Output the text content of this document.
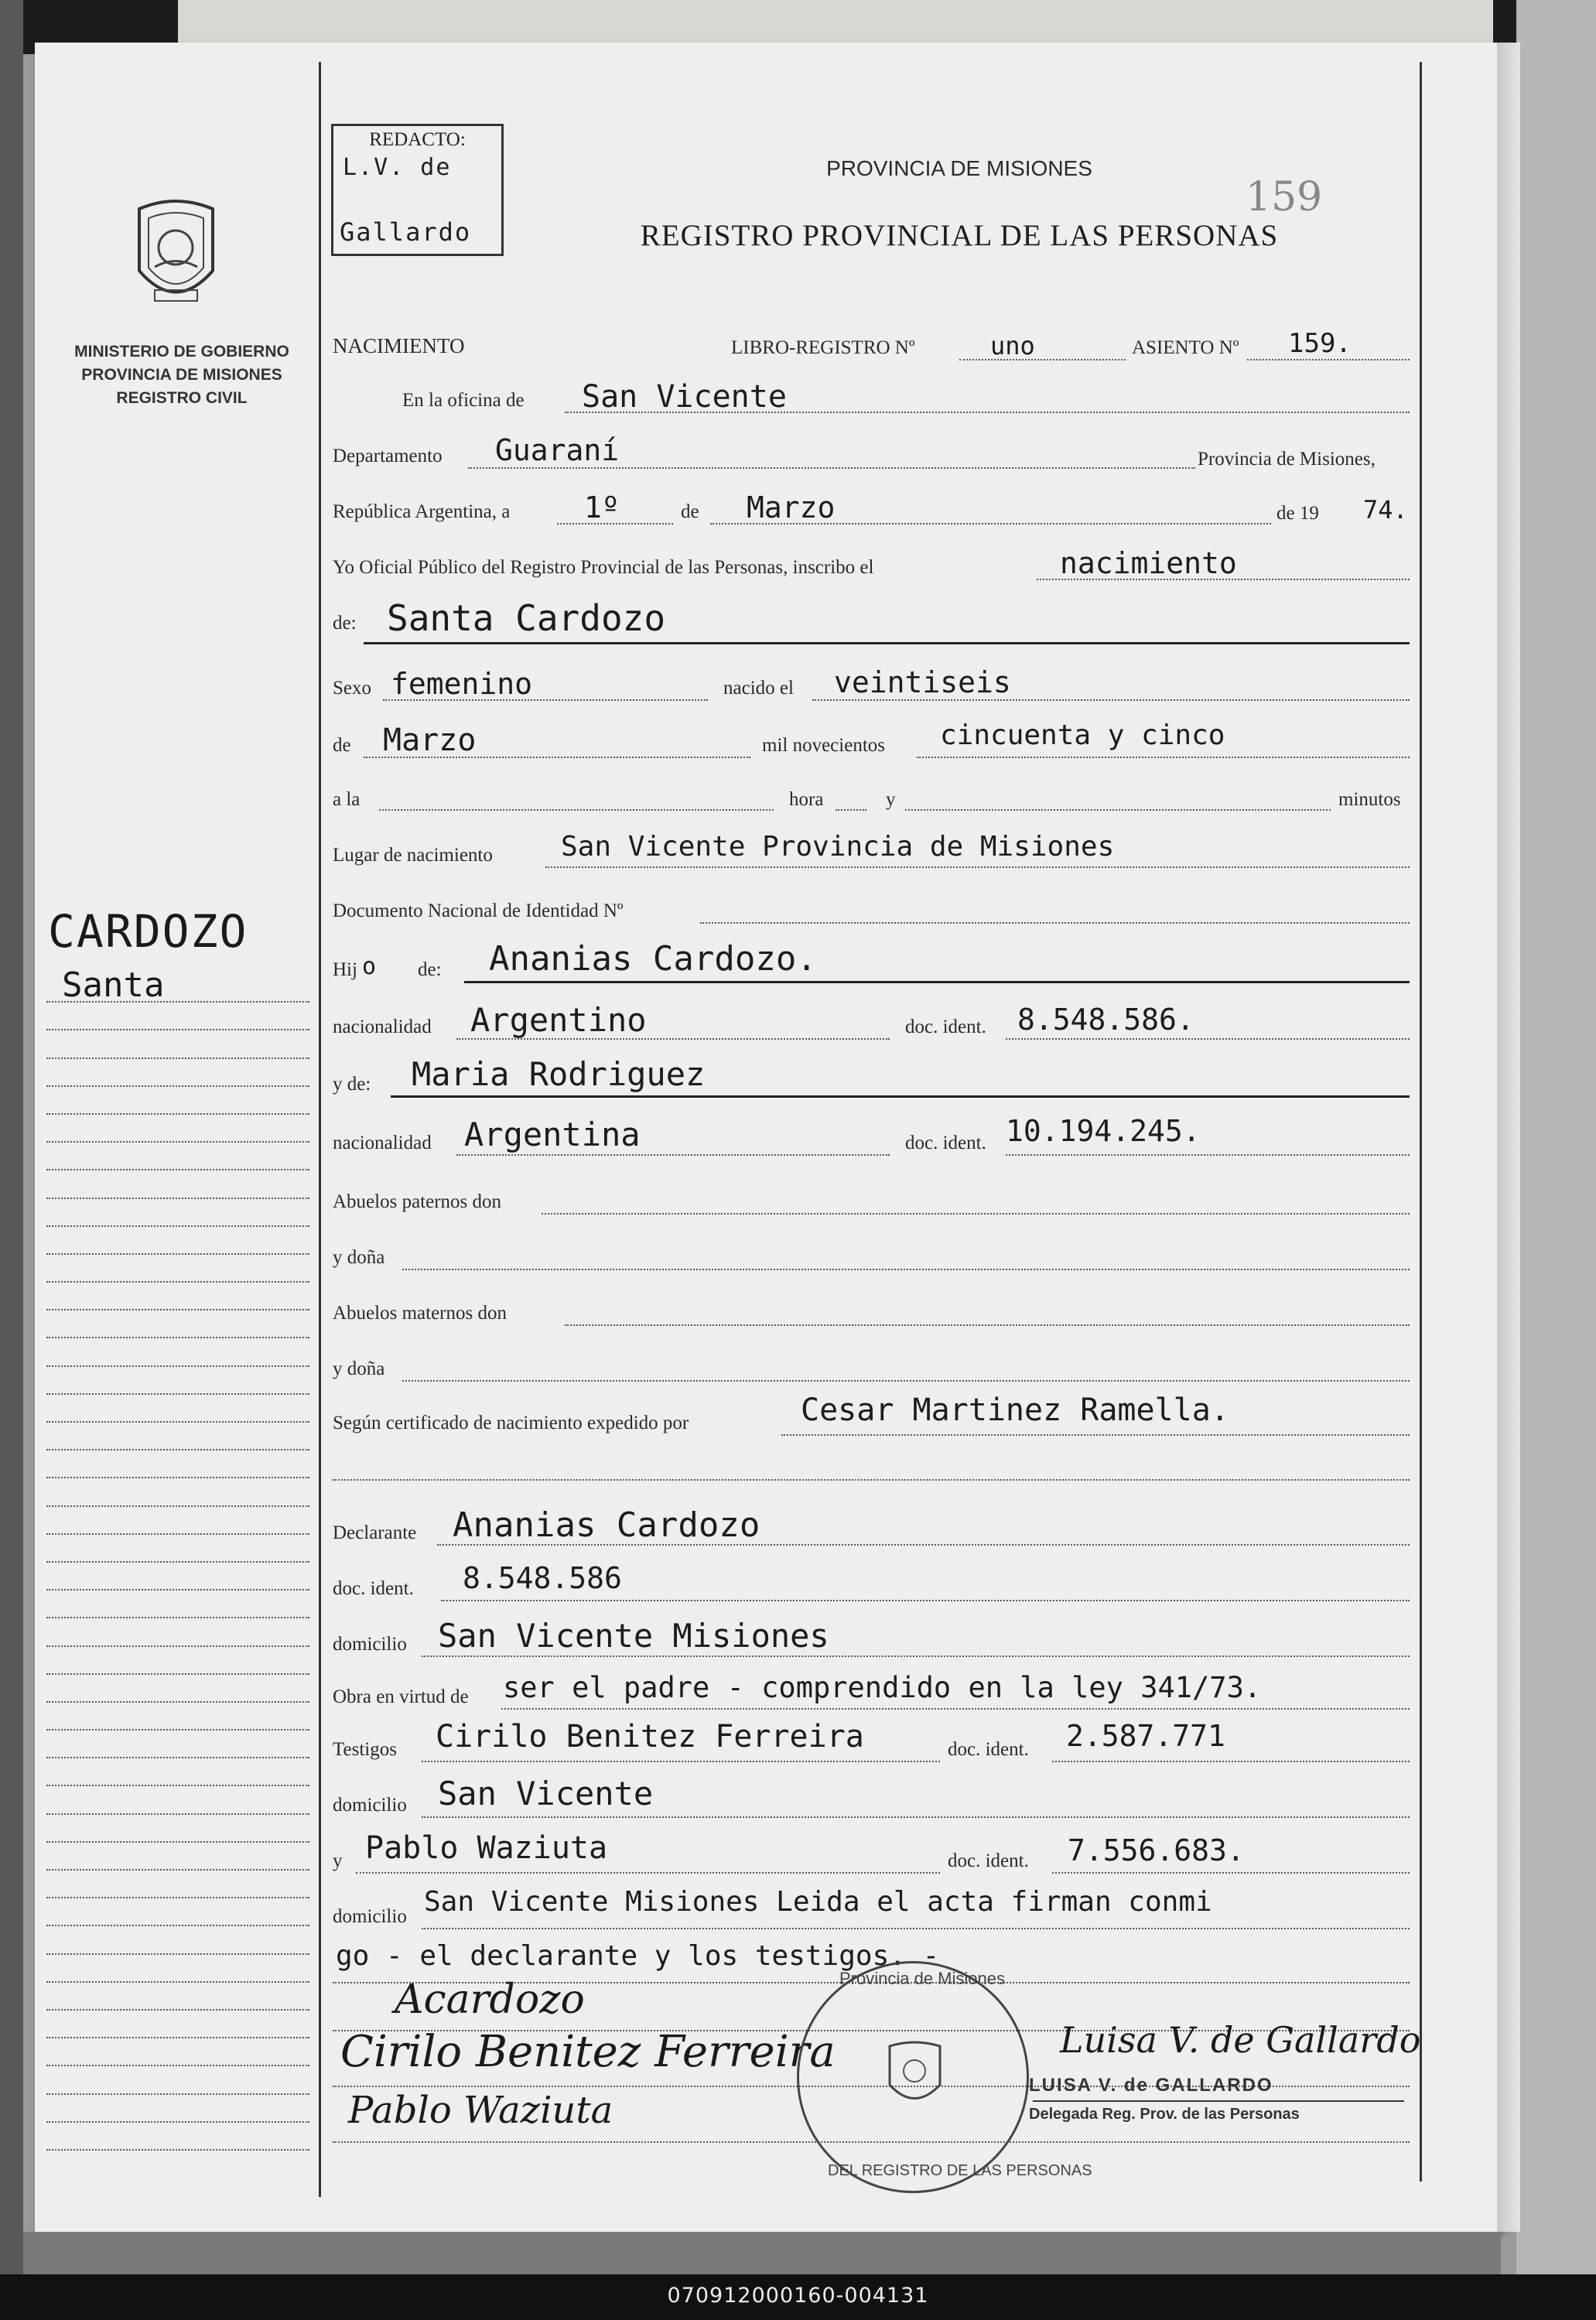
MINISTERIO DE GOBIERNO
PROVINCIA DE MISIONES
REGISTRO CIVIL
CARDOZO
Santa
REDACTO:
L.V. de
Gallardo
PROVINCIA DE MISIONES
REGISTRO PROVINCIAL DE LAS PERSONAS
159
NACIMIENTO	LIBRO-REGISTRO Nº	uno	ASIENTO Nº 159.
En la oficina de San Vicente
Departamento Guaraní	Provincia de Misiones,
República Argentina, a	1º	de Marzo	de 19 74.
Yo Oficial Público del Registro Provincial de las Personas, inscribo el	nacimiento
de: Santa Cardozo
Sexo femenino	nacido el veintiseis
de Marzo	mil novecientos cincuenta y cinco
a la	hora	y	minutos
Lugar de nacimiento San Vicente Provincia de Misiones
Documento Nacional de Identidad Nº
Hij o de: Ananias Cardozo.
nacionalidad Argentino	doc. ident. 8.548.586.
y de: Maria Rodriguez
nacionalidad Argentina	doc. ident. 10.194.245.
Abuelos paternos don
y doña
Abuelos maternos don
y doña
Según certificado de nacimiento expedido por	Cesar Martinez Ramella.
Declarante Ananias Cardozo
doc. ident. 8.548.586
domicilio San Vicente Misiones
Obra en virtud de ser el padre - comprendido en la ley 341/73.
Testigos Cirilo Benitez Ferreira	doc. ident. 2.587.771
domicilio San Vicente
y Pablo Waziuta	doc. ident. 7.556.683.
domicilio San Vicente Misiones Leida el acta firman conmi
go - el declarante y los testigos. -
Acardozo
Cirilo Benitez Ferreira
Pablo Waziuta
Provincia de Misiones
DEL REGISTRO DE LAS PERSONAS
Luisa V. de Gallardo
LUISA V. de GALLARDO
Delegada Reg. Prov. de las Personas
070912000160-004131
